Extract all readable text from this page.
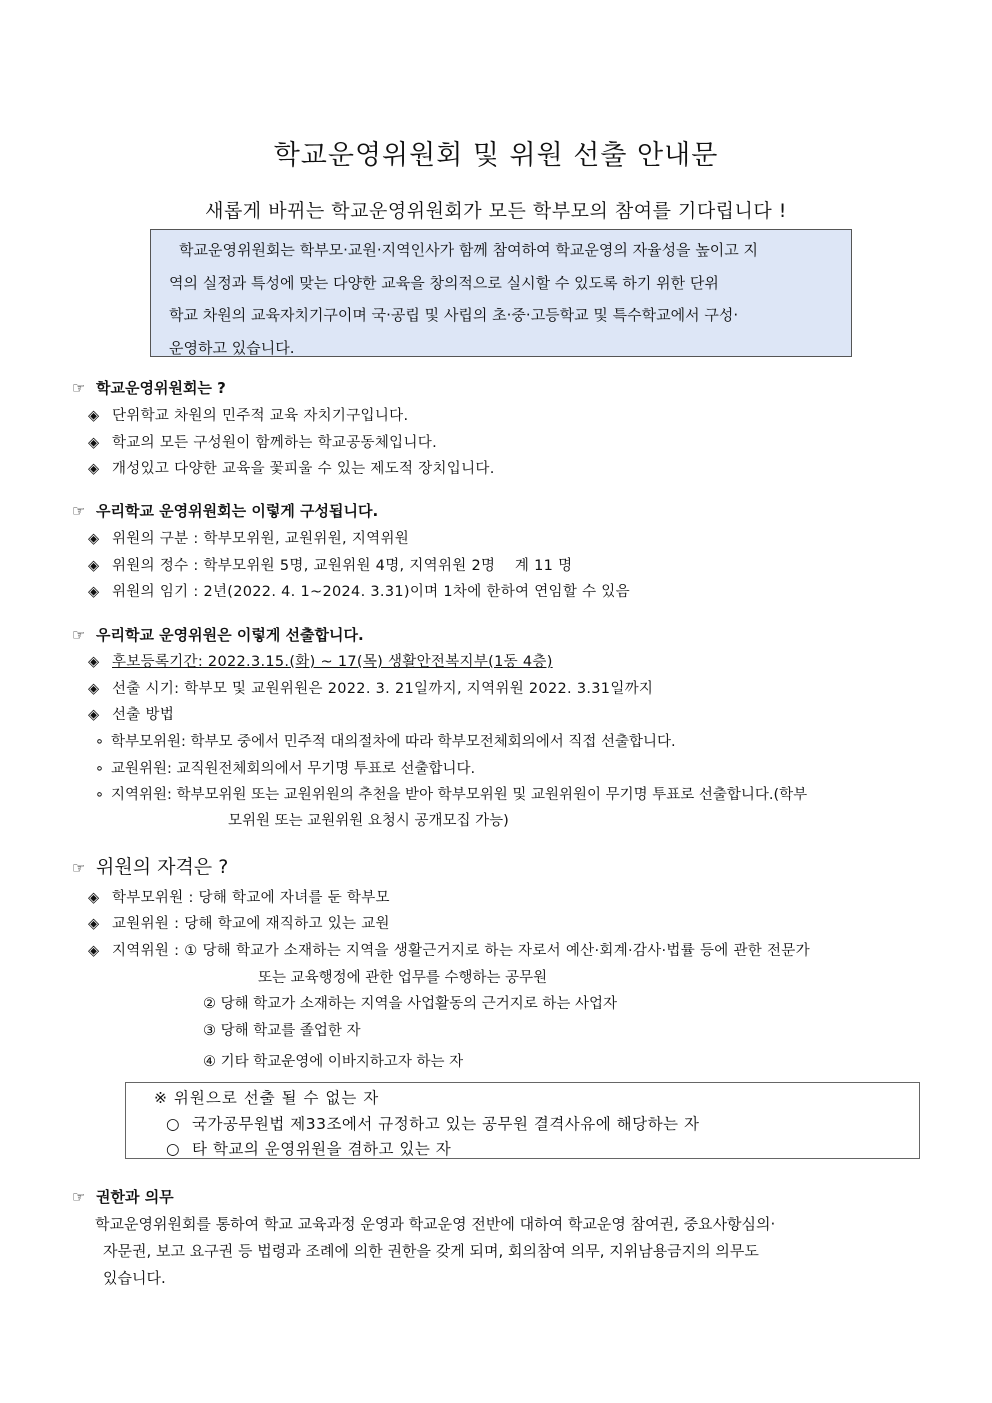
학교운영위원회 및 위원 선출 안내문
새롭게 바뀌는 학교운영위원회가 모든 학부모의 참여를 기다립니다 !
학교운영위원회는 학부모·교원·지역인사가 함께 참여하여 학교운영의 자율성을 높이고 지
역의 실정과 특성에 맞는 다양한 교육을 창의적으로 실시할 수 있도록 하기 위한 단위
학교 차원의 교육자치기구이며 국·공립 및 사립의 초·중·고등학교 및 특수학교에서 구성·
운영하고 있습니다.
☞ 학교운영위원회는 ?
◈ 단위학교 차원의 민주적 교육 자치기구입니다.
◈ 학교의 모든 구성원이 함께하는 학교공동체입니다.
◈ 개성있고 다양한 교육을 꽃피울 수 있는 제도적 장치입니다.
☞ 우리학교 운영위원회는 이렇게 구성됩니다.
◈ 위원의 구분 : 학부모위원, 교원위원, 지역위원
◈ 위원의 정수 : 학부모위원 5명, 교원위원 4명, 지역위원 2명    계 11 명
◈ 위원의 임기 : 2년(2022. 4. 1~2024. 3.31)이며 1차에 한하여 연임할 수 있음
☞ 우리학교 운영위원은 이렇게 선출합니다.
◈ 후보등록기간: 2022.3.15.(화) ~ 17(목) 생활안전복지부(1동 4층)
◈ 선출 시기: 학부모 및 교원위원은 2022. 3. 21일까지, 지역위원 2022. 3.31일까지
◈ 선출 방법
∘ 학부모위원: 학부모 중에서 민주적 대의절차에 따라 학부모전체회의에서 직접 선출합니다.
∘ 교원위원: 교직원전체회의에서 무기명 투표로 선출합니다.
∘ 지역위원: 학부모위원 또는 교원위원의 추천을 받아 학부모위원 및 교원위원이 무기명 투표로 선출합니다.(학부
모위원 또는 교원위원 요청시 공개모집 가능)
☞ 위원의 자격은 ?
◈ 학부모위원 : 당해 학교에 자녀를 둔 학부모
◈ 교원위원 : 당해 학교에 재직하고 있는 교원
◈ 지역위원 : ① 당해 학교가 소재하는 지역을 생활근거지로 하는 자로서 예산·회계·감사·법률 등에 관한 전문가
또는 교육행정에 관한 업무를 수행하는 공무원
② 당해 학교가 소재하는 지역을 사업활동의 근거지로 하는 사업자
③ 당해 학교를 졸업한 자
④ 기타 학교운영에 이바지하고자 하는 자
※ 위원으로 선출 될 수 없는 자
○ 국가공무원법 제33조에서 규정하고 있는 공무원 결격사유에 해당하는 자
○ 타 학교의 운영위원을 겸하고 있는 자
☞ 권한과 의무
학교운영위원회를 통하여 학교 교육과정 운영과 학교운영 전반에 대하여 학교운영 참여권, 중요사항심의·
자문권, 보고 요구권 등 법령과 조례에 의한 권한을 갖게 되며, 회의참여 의무, 지위남용금지의 의무도
있습니다.
